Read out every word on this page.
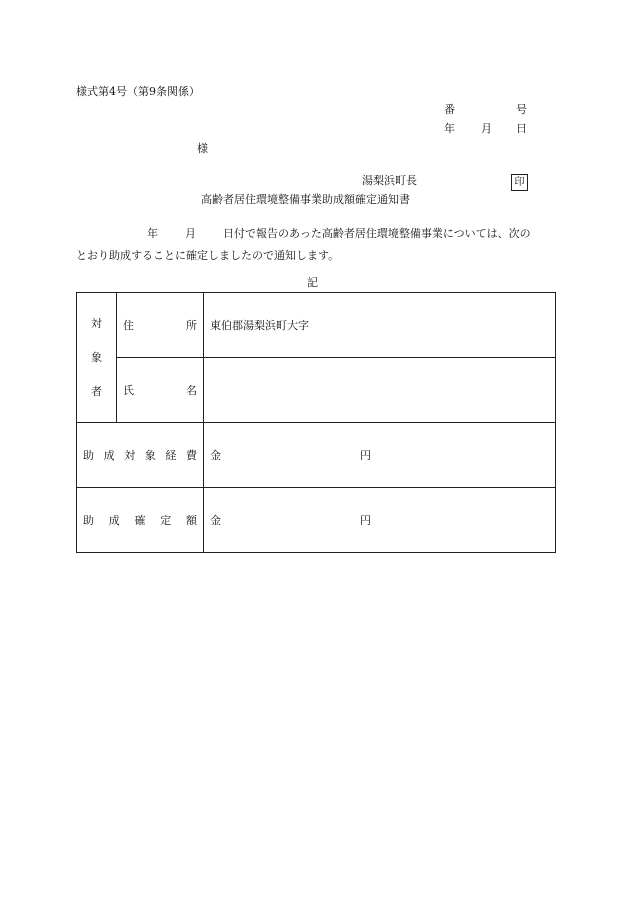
様式第4号（第9条関係）
番	号
年 月 日
様
湯梨浜町長	印
高齢者居住環境整備事業助成額確定通知書
年 月 日付で報告のあった高齢者居住環境整備事業については、次の
とおり助成することに確定しましたので通知します。
記
対
象
者	住所	東伯郡湯梨浜町大字
	氏名	
助成対象経費		金 円

助成確定額		金 円
